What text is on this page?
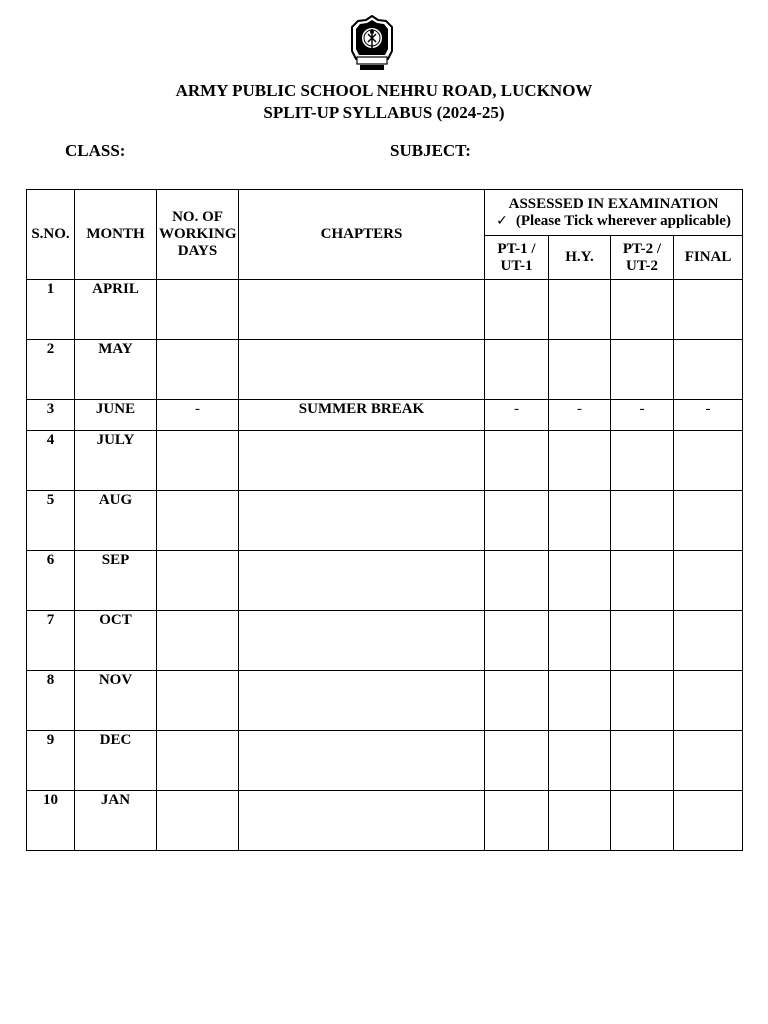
ARMY PUBLIC SCHOOL NEHRU ROAD, LUCKNOW
SPLIT-UP SYLLABUS (2024-25)
CLASS:	SUBJECT:
S.NO.	MONTH	NO. OF WORKING DAYS	CHAPTERS	ASSESSED IN EXAMINATION
✓ (Please Tick wherever applicable)			

				PT-1 / UT-1	H.Y.	PT-2 / UT-2	FINAL
1	APRIL						
2	MAY						
3	JUNE	-	SUMMER BREAK	-	-	-	-
4	JULY						
5	AUG						
6	SEP						
7	OCT						
8	NOV						
9	DEC						
10	JAN						
